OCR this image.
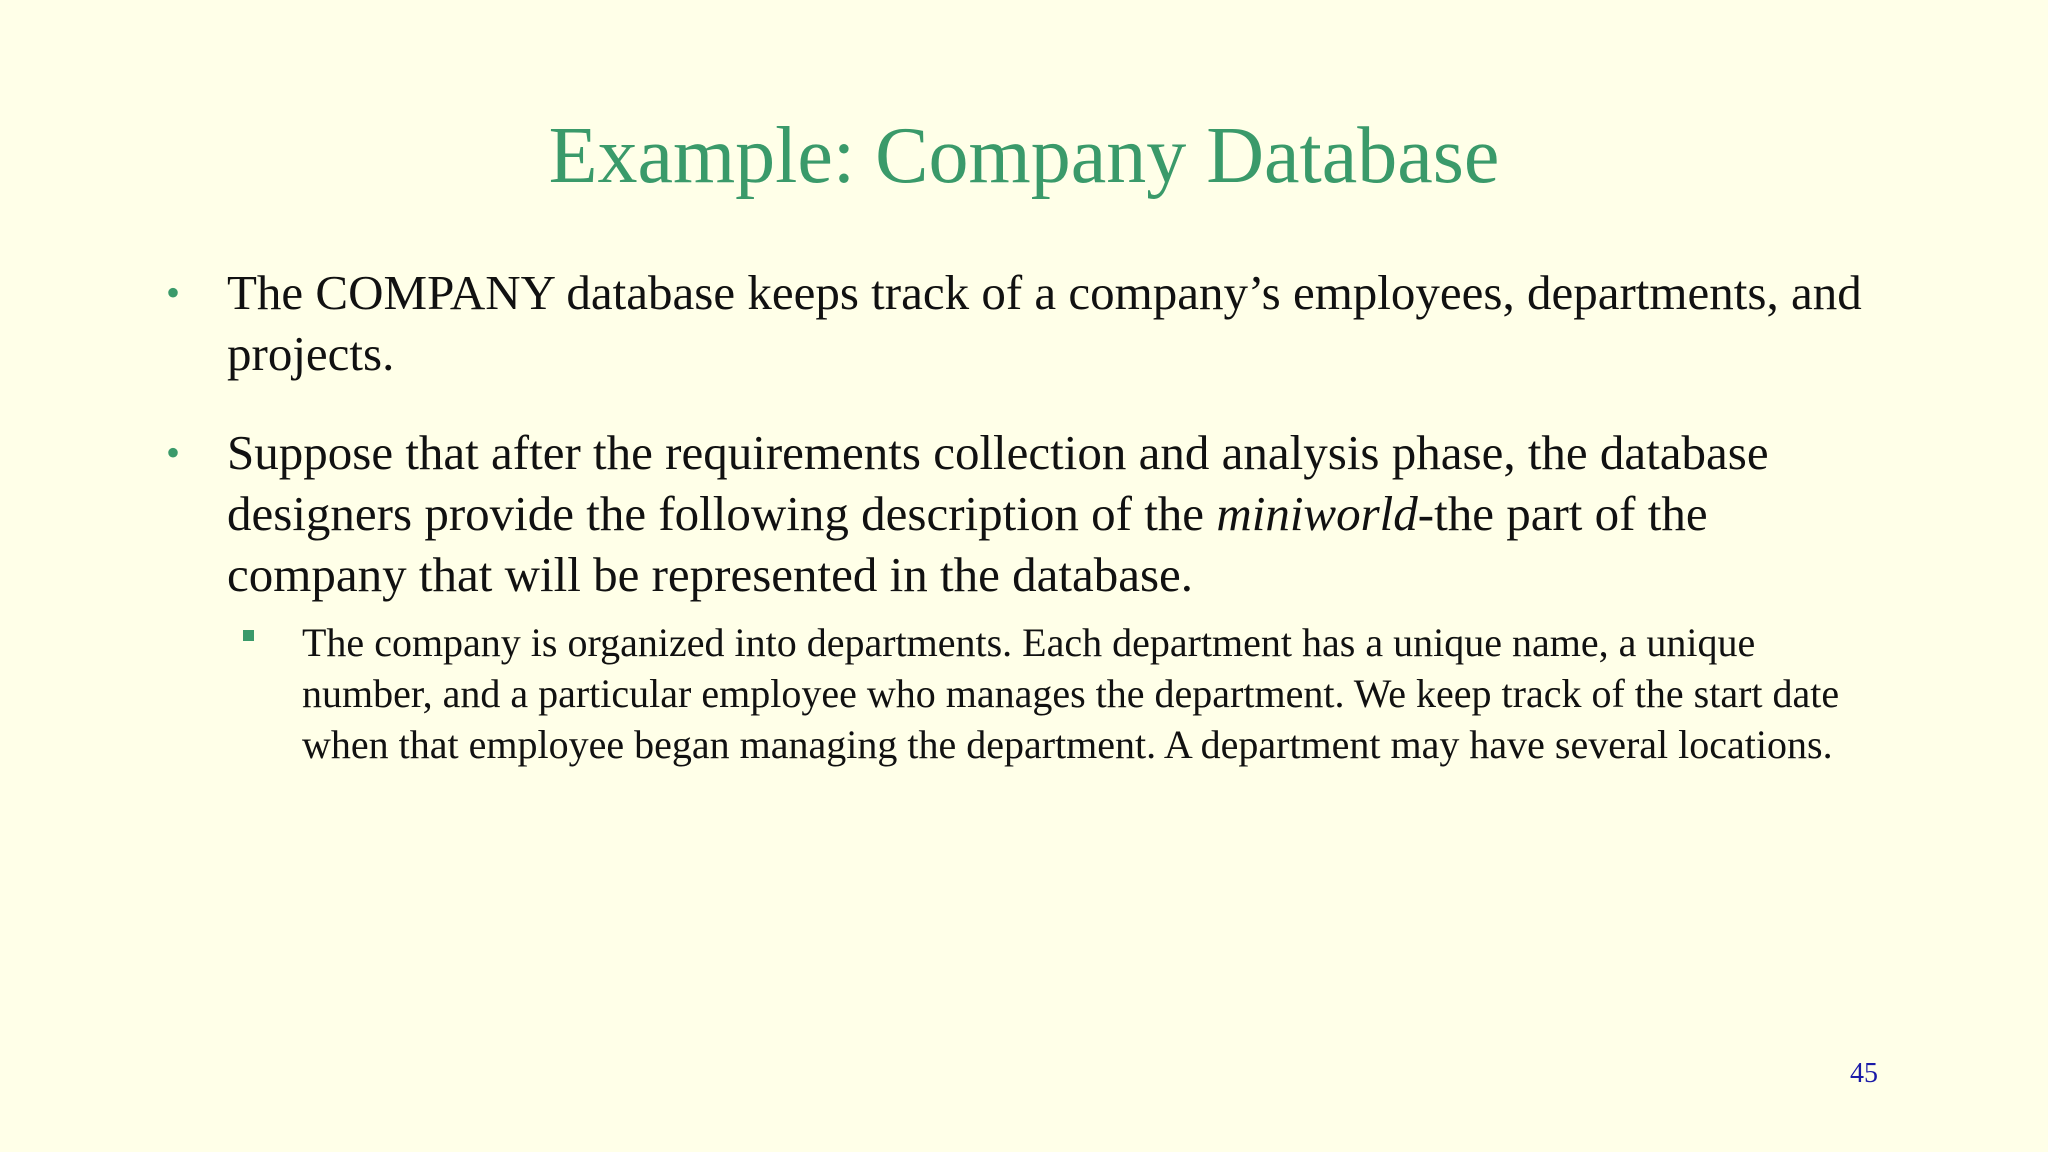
Example: Company Database
• The COMPANY database keeps track of a company’s employees, departments, and projects.
• Suppose that after the requirements collection and analysis phase, the database designers provide the following description of the miniworld-the part of the company that will be represented in the database.
The company is organized into departments. Each department has a unique name, a unique number, and a particular employee who manages the department. We keep track of the start date when that employee began managing the department. A department may have several locations.
45
